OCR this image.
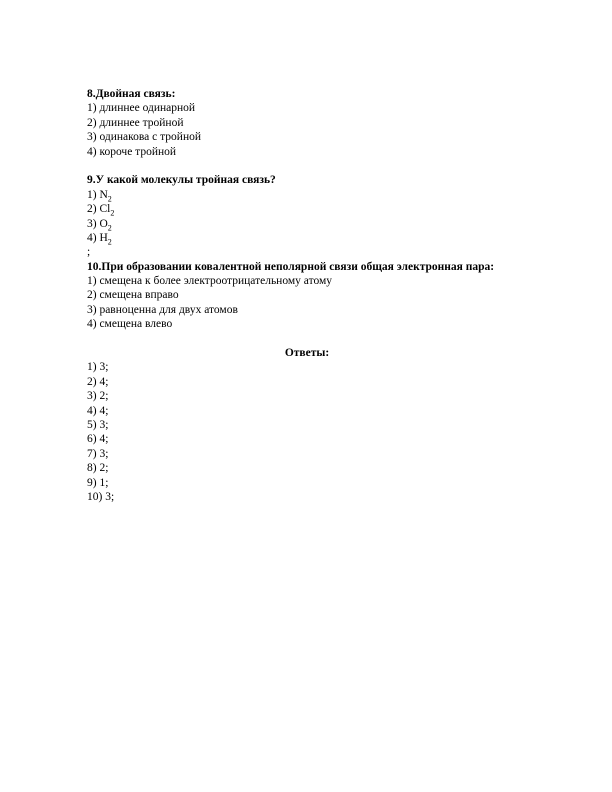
8.Двойная связь:
1) длиннее одинарной
2) длиннее тройной
3) одинакова с тройной
4) короче тройной
9.У какой молекулы тройная связь?
1) $N_2$
2) $Cl_2$
3) $O_2$
4) $H_2$
;
10.При образовании ковалентной неполярной связи общая электронная пара:
1) смещена к более электроотрицательному атому
2) смещена вправо
3) равноценна для двух атомов
4) смещена влево
Ответы:
1) 3;
2) 4;
3) 2;
4) 4;
5) 3;
6) 4;
7) 3;
8) 2;
9) 1;
10) 3;
